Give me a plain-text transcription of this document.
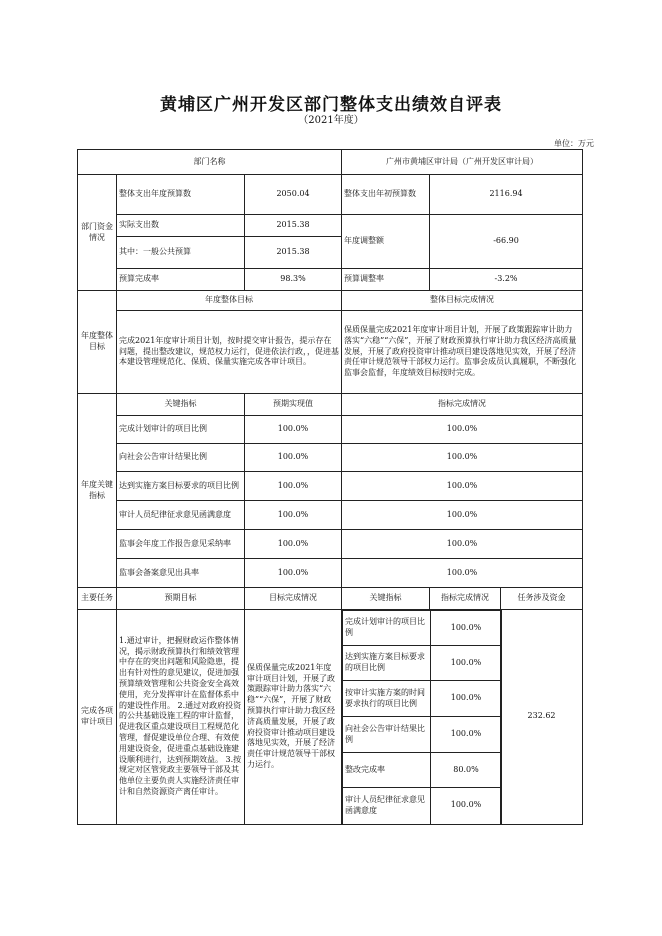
黄埔区广州开发区部门整体支出绩效自评表
（2021年度）
单位：万元
部门名称	广州市黄埔区审计局（广州开发区审计局）
部门资金情况	整体支出年度预算数	2050.04	整体支出年初预算数	2116.94
实际支出数	2015.38	年度调整额	-66.90
其中：一般公共预算	2015.38
预算完成率	98.3%	预算调整率	-3.2%
年度整体目标	年度整体目标	整体目标完成情况
完成2021年度审计项目计划，按时提交审计报告，提示存在问题，提出整改建议，规范权力运行，促进依法行政，，促进基本建设管理规范化、保质、保量实施完成各审计项目。	保质保量完成2021年度审计项目计划，开展了政策跟踪审计助力落实“六稳”“六保”，开展了财政预算执行审计助力我区经济高质量发展，开展了政府投资审计推动项目建设落地见实效，开展了经济责任审计规范领导干部权力运行。监事会成员认真履职，不断强化监事会监督，年度绩效目标按时完成。
年度关键指标	关键指标	预期实现值	指标完成情况
完成计划审计的项目比例	100.0%	100.0%
向社会公告审计结果比例	100.0%	100.0%
达到实施方案目标要求的项目比例	100.0%	100.0%
审计人员纪律征求意见函满意度	100.0%	100.0%
监事会年度工作报告意见采纳率	100.0%	100.0%
监事会备案意见出具率	100.0%	100.0%
主要任务	预期目标	目标完成情况	关键指标	指标完成情况	任务涉及资金
完成各项审计项目	1.通过审计，把握财政运作整体情况，揭示财政预算执行和绩效管理中存在的突出问题和风险隐患，提出有针对性的意见建议，促进加强预算绩效管理和公共资金安全高效使用，充分发挥审计在监督体系中的建设性作用。 2.通过对政府投资的公共基础设施工程的审计监督，促进我区重点建设项目工程规范化管理，督促建设单位合理、有效使用建设资金，促进重点基础设施建设顺利进行，达到预期效益。 3.按规定对区管党政主要领导干部及其他单位主要负责人实施经济责任审计和自然资源资产离任审计。	保质保量完成2021年度审计项目计划，开展了政策跟踪审计助力落实“六稳”“六保”，开展了财政预算执行审计助力我区经济高质量发展，开展了政府投资审计推动项目建设落地见实效，开展了经济责任审计规范领导干部权力运行。	
完成计划审计的项目比例	100.0%
达到实施方案目标要求的项目比例	100.0%
按审计实施方案的时间要求执行的项目比例	100.0%
向社会公告审计结果比例	100.0%
整改完成率	80.0%
审计人员纪律征求意见函满意度	100.0%
	232.62
